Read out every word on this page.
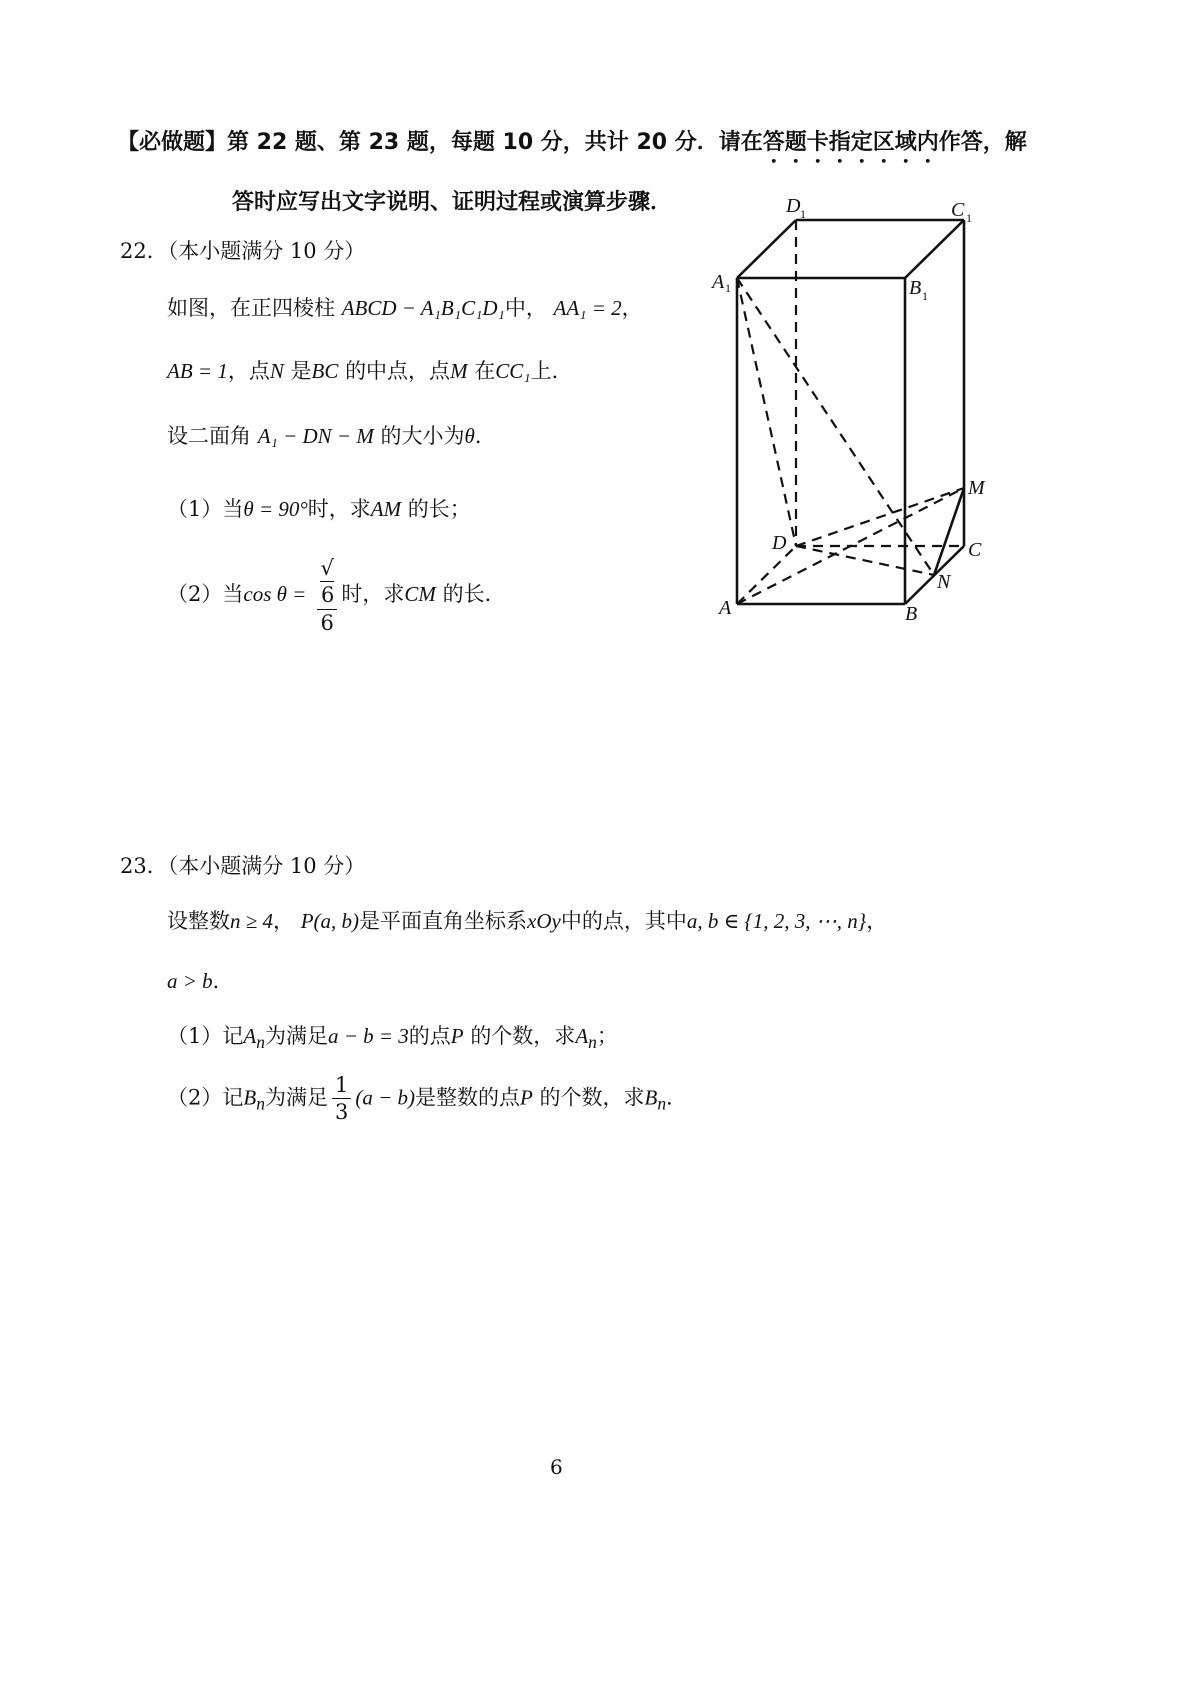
【必做题】第 22 题、第 23 题，每题 10 分，共计 20 分．请在答题卡指定区域内作答，解
答时应写出文字说明、证明过程或演算步骤．
22．（本小题满分 10 分）
如图，在正四棱柱 ABCD − A₁B₁C₁D₁中， AA₁ = 2，
AB = 1，点N 是BC 的中点，点M 在CC₁上．
设二面角 A₁ − DN − M 的大小为θ．
（1）当θ = 90°时，求AM 的长；
（2）当cos θ = √
6
6 时，求CM 的长．
A 1
D 1	C 1
B 1
M
D	C
N
A	B
23．（本小题满分 10 分）
设整数n ≥ 4， P(a, b)是平面直角坐标系xOy中的点，其中a, b ∈ {1, 2, 3, ⋯, n}，
a > b．
（1）记$A_n$为满足a − b = 3的点P 的个数，求$A_n$；
（2）记$B_n$为满足 $\frac{1}{3} (a - b)$是整数的点P 的个数，求$B_n$．
6
